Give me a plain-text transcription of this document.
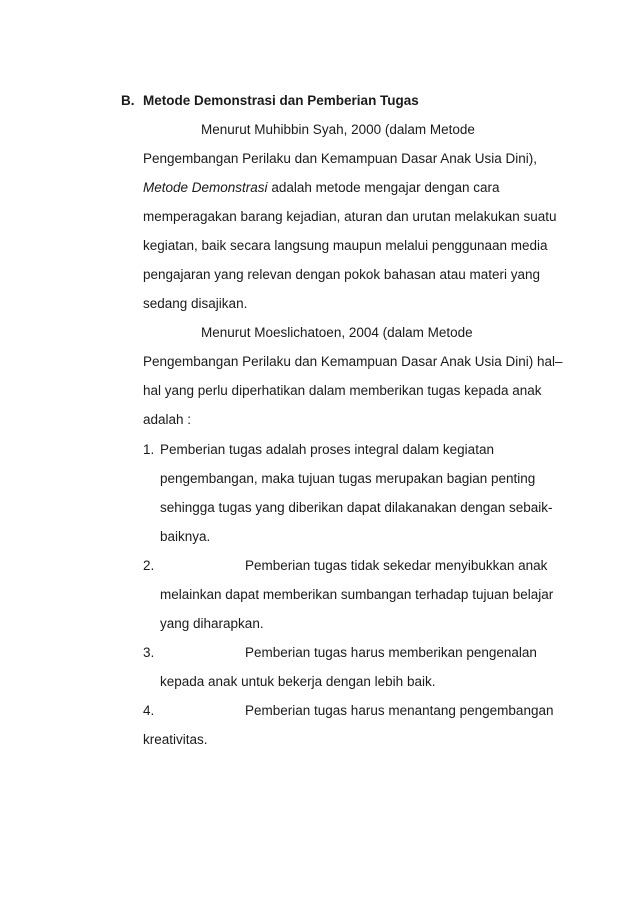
B. Metode Demonstrasi dan Pemberian Tugas
Menurut Muhibbin Syah, 2000 (dalam Metode
Pengembangan Perilaku dan Kemampuan Dasar Anak Usia Dini),
Metode Demonstrasi adalah metode mengajar dengan cara
memperagakan barang kejadian, aturan dan urutan melakukan suatu
kegiatan, baik secara langsung maupun melalui penggunaan media
pengajaran yang relevan dengan pokok bahasan atau materi yang
sedang disajikan.
Menurut Moeslichatoen, 2004 (dalam Metode
Pengembangan Perilaku dan Kemampuan Dasar Anak Usia Dini) hal–
hal yang perlu diperhatikan dalam memberikan tugas kepada anak
adalah :
1. Pemberian tugas adalah proses integral dalam kegiatan
pengembangan, maka tujuan tugas merupakan bagian penting
sehingga tugas yang diberikan dapat dilakanakan dengan sebaik-
baiknya.
2.	Pemberian tugas tidak sekedar menyibukkan anak
melainkan dapat memberikan sumbangan terhadap tujuan belajar
yang diharapkan.
3.	Pemberian tugas harus memberikan pengenalan
kepada anak untuk bekerja dengan lebih baik.
4.	Pemberian tugas harus menantang pengembangan
kreativitas.
